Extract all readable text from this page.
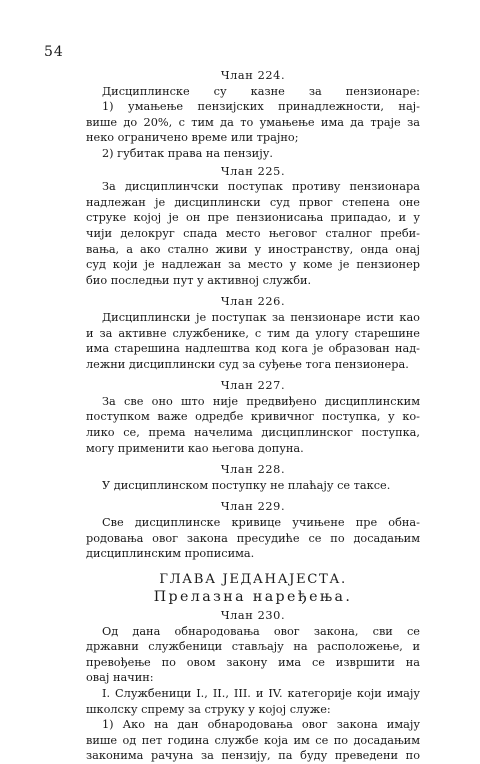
54

Члан 224.

Дисциплинске су казне за пензионаре:

1) умањење пензијских принадлежности, нај-

више до 20%, с тим да то умањење има да траје за

неко ограничено време или трајно;

2) губитак права на пензију.

Члан 225.

За дисциплинчски поступак противу пензионара

надлежан је дисциплински суд првог степена оне

струке којој је он пре пензионисања припадао, и у

чији делокруг спада место његовог сталног преби-

вања, а ако стално живи у иностранству, онда онај

суд који је надлежан за место у коме је пензионер

био последњи пут у активној служби.

Члан 226.

Дисциплински је поступак за пензионаре исти као

и за активне службенике, с тим да улогу старешине

има старешина надлештва код кога је образован над-

лежни дисциплински суд за суђење тога пензионера.

Члан 227.

За све оно што није предвиђено дисциплинским

поступком важе одредбе кривичног поступка, у ко-

лико се, према начелима дисциплинског поступка,

могу применити као његова допуна.

Члан 228.

У дисциплинском поступку не плаћају се таксе.

Члан 229.

Све дисциплинске кривице учињене пре обна-

родовања овог закона пресудиће се по досадањим

дисциплинским прописима.

ГЛАВА ЈЕДАНАЈЕСТА.

Прелазна наређења.

Члан 230.

Од дана обнародовања овог закона, сви се

државни службеници стављају на расположење, и

превођење по овом закону има се извршити на

овај начин:

I. Службеници I., II., III. и IV. категорије који имају

школску спрему за струку у којој служе:

1) Ако на дан обнародовања овог закона имају

више од пет година службе која им се по досадањим

законима рачуна за пензију, па буду преведени по
